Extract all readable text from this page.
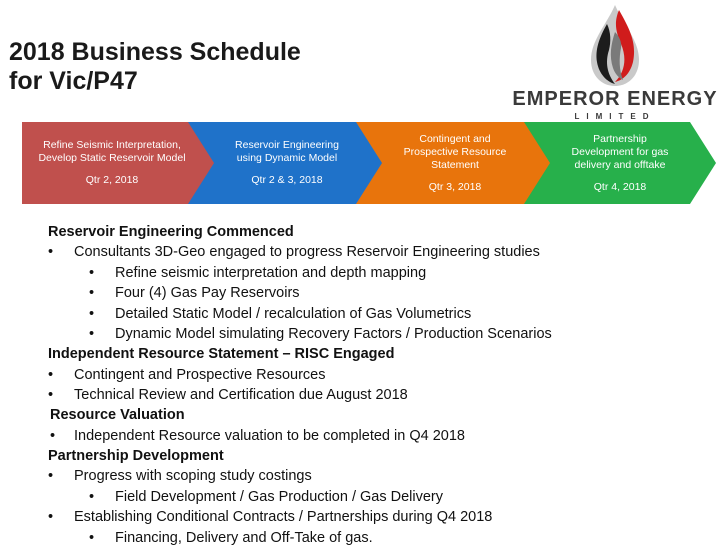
2018 Business Schedule
for Vic/P47
EMPEROR ENERGY
LIMITED
Refine Seismic Interpretation,
Develop Static Reservoir Model
Qtr 2, 2018
Reservoir Engineering
using Dynamic Model
Qtr 2 & 3, 2018
Contingent and
Prospective Resource
Statement
Qtr 3, 2018
Partnership
Development for gas
delivery and offtake
Qtr 4, 2018
Reservoir Engineering Commenced
• Consultants 3D-Geo engaged to progress Reservoir Engineering studies
• Refine seismic interpretation and depth mapping
• Four (4) Gas Pay Reservoirs
• Detailed Static Model / recalculation of Gas Volumetrics
• Dynamic Model simulating Recovery Factors / Production Scenarios
Independent Resource Statement – RISC Engaged
• Contingent and Prospective Resources
• Technical Review and Certification due August 2018
Resource Valuation
• Independent Resource valuation to be completed in Q4 2018
Partnership Development
• Progress with scoping study costings
• Field Development / Gas Production / Gas Delivery
• Establishing Conditional Contracts / Partnerships during Q4 2018
• Financing, Delivery and Off-Take of gas.
